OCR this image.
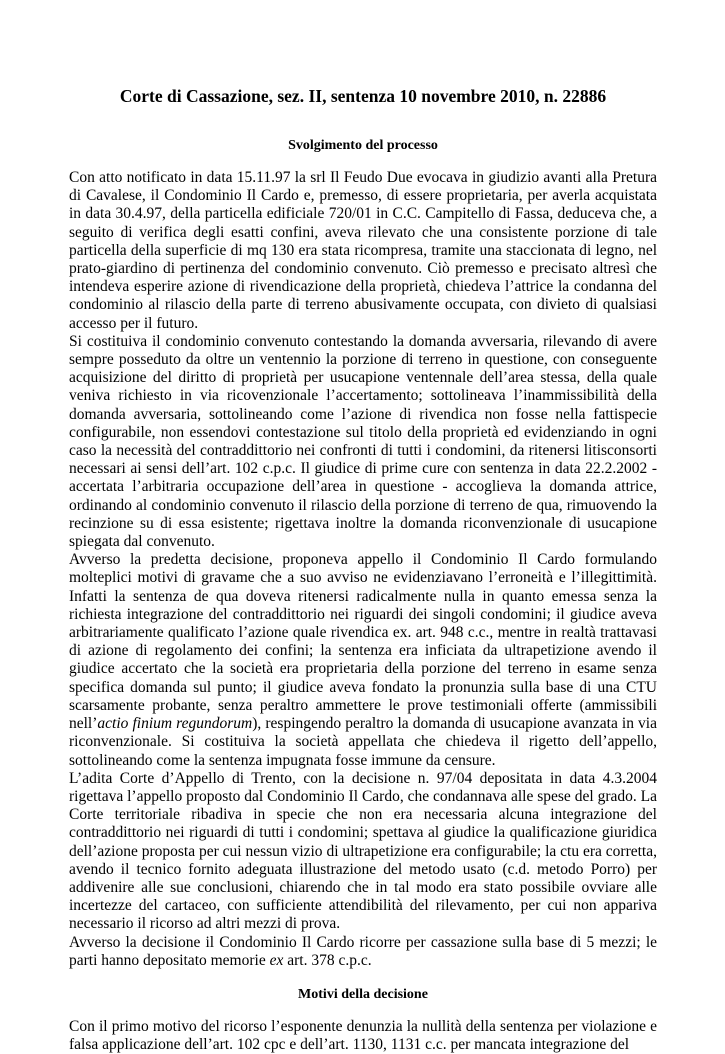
Corte di Cassazione, sez. II, sentenza 10 novembre 2010, n. 22886
Svolgimento del processo

Con atto notificato in data 15.11.97 la srl Il Feudo Due evocava in giudizio avanti alla Pretura di Cavalese, il Condominio Il Cardo e, premesso, di essere proprietaria, per averla acquistata in data 30.4.97, della particella edificiale 720/01 in C.C. Campitello di Fassa, deduceva che, a seguito di verifica degli esatti confini, aveva rilevato che una consistente porzione di tale particella della superficie di mq 130 era stata ricompresa, tramite una staccionata di legno, nel prato-giardino di pertinenza del condominio convenuto. Ciò premesso e precisato altresì che intendeva esperire azione di rivendicazione della proprietà, chiedeva l’attrice la condanna del condominio al rilascio della parte di terreno abusivamente occupata, con divieto di qualsiasi accesso per il futuro.

Si costituiva il condominio convenuto contestando la domanda avversaria, rilevando di avere sempre posseduto da oltre un ventennio la porzione di terreno in questione, con conseguente acquisizione del diritto di proprietà per usucapione ventennale dell’area stessa, della quale veniva richiesto in via ricovenzionale l’accertamento; sottolineava l’inammissibilità della domanda avversaria, sottolineando come l’azione di rivendica non fosse nella fattispecie configurabile, non essendovi contestazione sul titolo della proprietà ed evidenziando in ogni caso la necessità del contraddittorio nei confronti di tutti i condomini, da ritenersi litisconsorti necessari ai sensi dell’art. 102 c.p.c. Il giudice di prime cure con sentenza in data 22.2.2002 - accertata l’arbitraria occupazione dell’area in questione - accoglieva la domanda attrice, ordinando al condominio convenuto il rilascio della porzione di terreno de qua, rimuovendo la recinzione su di essa esistente; rigettava inoltre la domanda riconvenzionale di usucapione spiegata dal convenuto.

Avverso la predetta decisione, proponeva appello il Condominio Il Cardo formulando molteplici motivi di gravame che a suo avviso ne evidenziavano l’erroneità e l’illegittimità. Infatti la sentenza de qua doveva ritenersi radicalmente nulla in quanto emessa senza la richiesta integrazione del contraddittorio nei riguardi dei singoli condomini; il giudice aveva arbitrariamente qualificato l’azione quale rivendica ex. art. 948 c.c., mentre in realtà trattavasi di azione di regolamento dei confini; la sentenza era inficiata da ultrapetizione avendo il giudice accertato che la società era proprietaria della porzione del terreno in esame senza specifica domanda sul punto; il giudice aveva fondato la pronunzia sulla base di una CTU scarsamente probante, senza peraltro ammettere le prove testimoniali offerte (ammissibili nell’actio finium regundorum), respingendo peraltro la domanda di usucapione avanzata in via riconvenzionale. Si costituiva la società appellata che chiedeva il rigetto dell’appello, sottolineando come la sentenza impugnata fosse immune da censure.

L’adita Corte d’Appello di Trento, con la decisione n. 97/04 depositata in data 4.3.2004 rigettava l’appello proposto dal Condominio Il Cardo, che condannava alle spese del grado. La Corte territoriale ribadiva in specie che non era necessaria alcuna integrazione del contraddittorio nei riguardi di tutti i condomini; spettava al giudice la qualificazione giuridica dell’azione proposta per cui nessun vizio di ultrapetizione era configurabile; la ctu era corretta, avendo il tecnico fornito adeguata illustrazione del metodo usato (c.d. metodo Porro) per addivenire alle sue conclusioni, chiarendo che in tal modo era stato possibile ovviare alle incertezze del cartaceo, con sufficiente attendibilità del rilevamento, per cui non appariva necessario il ricorso ad altri mezzi di prova.

Avverso la decisione il Condominio Il Cardo ricorre per cassazione sulla base di 5 mezzi; le parti hanno depositato memorie ex art. 378 c.p.c.

Motivi della decisione

Con il primo motivo del ricorso l’esponente denunzia la nullità della sentenza per violazione e falsa applicazione dell’art. 102 cpc e dell’art. 1130, 1131 c.c. per mancata integrazione del
